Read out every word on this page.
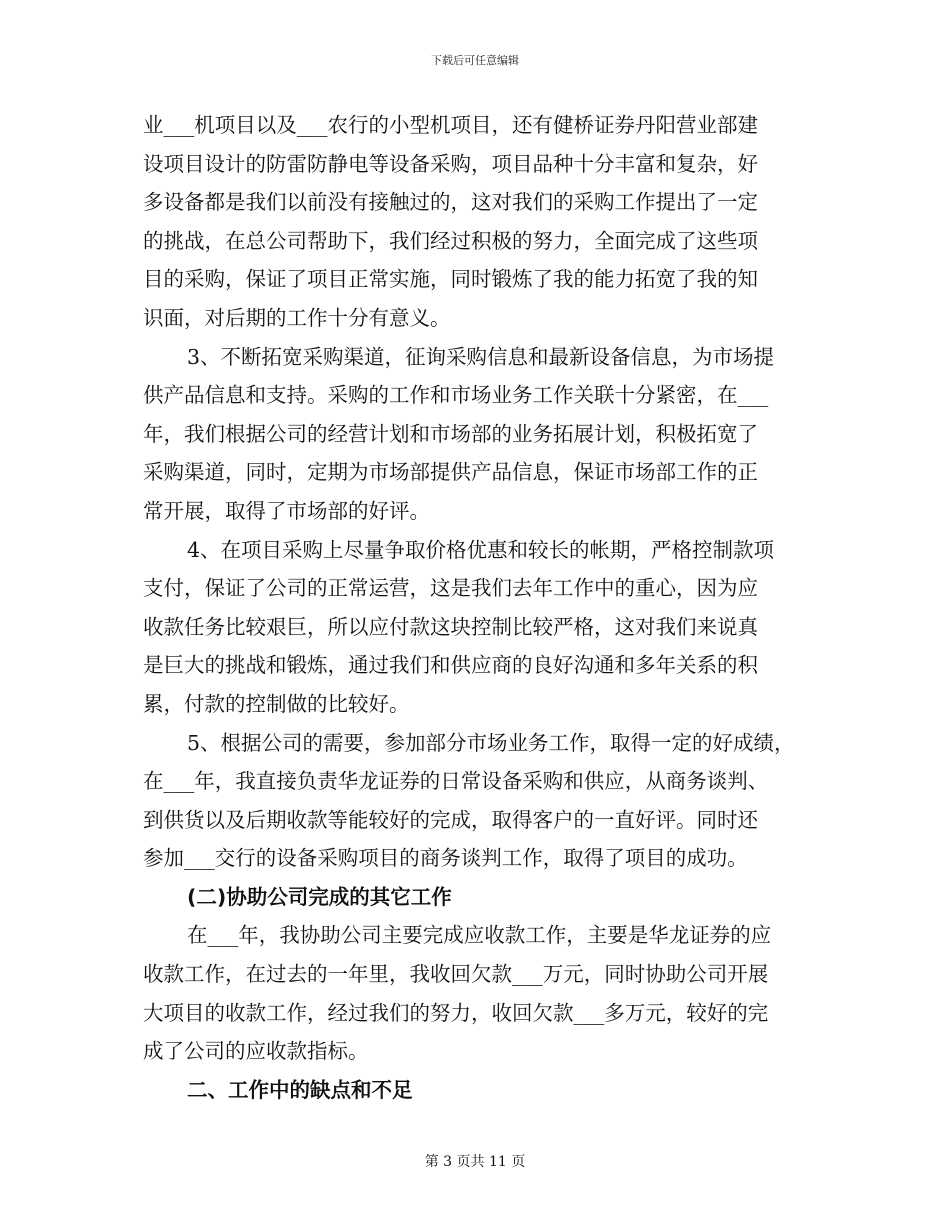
下载后可任意编辑
业___机项目以及___农行的小型机项目，还有健桥证券丹阳营业部建
设项目设计的防雷防静电等设备采购，项目品种十分丰富和复杂，好
多设备都是我们以前没有接触过的，这对我们的采购工作提出了一定
的挑战，在总公司帮助下，我们经过积极的努力，全面完成了这些项
目的采购，保证了项目正常实施，同时锻炼了我的能力拓宽了我的知
识面，对后期的工作十分有意义。
3、不断拓宽采购渠道，征询采购信息和最新设备信息，为市场提
供产品信息和支持。采购的工作和市场业务工作关联十分紧密，在___
年，我们根据公司的经营计划和市场部的业务拓展计划，积极拓宽了
采购渠道，同时，定期为市场部提供产品信息，保证市场部工作的正
常开展，取得了市场部的好评。
4、在项目采购上尽量争取价格优惠和较长的帐期，严格控制款项
支付，保证了公司的正常运营，这是我们去年工作中的重心，因为应
收款任务比较艰巨，所以应付款这块控制比较严格，这对我们来说真
是巨大的挑战和锻炼，通过我们和供应商的良好沟通和多年关系的积
累，付款的控制做的比较好。
5、根据公司的需要，参加部分市场业务工作，取得一定的好成绩，
在___年，我直接负责华龙证券的日常设备采购和供应，从商务谈判、
到供货以及后期收款等能较好的完成，取得客户的一直好评。同时还
参加___交行的设备采购项目的商务谈判工作，取得了项目的成功。
(二)协助公司完成的其它工作
在___年，我协助公司主要完成应收款工作，主要是华龙证券的应
收款工作，在过去的一年里，我收回欠款___万元，同时协助公司开展
大项目的收款工作，经过我们的努力，收回欠款___多万元，较好的完
成了公司的应收款指标。
二、工作中的缺点和不足
第 3 页共 11 页
